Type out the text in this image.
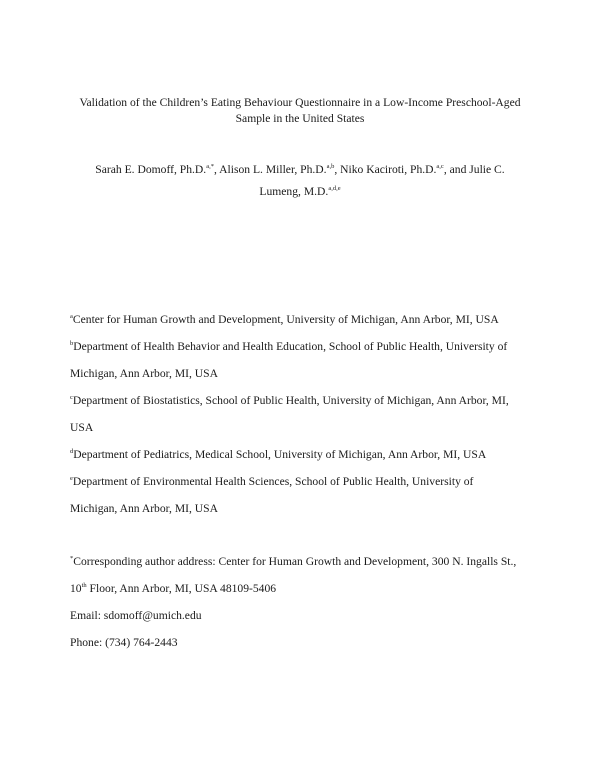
Validation of the Children’s Eating Behaviour Questionnaire in a Low-Income Preschool-Aged
Sample in the United States
Sarah E. Domoff, Ph.D.$^{a,*}$, Alison L. Miller, Ph.D.$^{a,b}$, Niko Kaciroti, Ph.D.$^{a,c}$, and Julie C.
Lumeng, M.D.$^{a,d,e}$
$^a$Center for Human Growth and Development, University of Michigan, Ann Arbor, MI, USA
$^b$Department of Health Behavior and Health Education, School of Public Health, University of
Michigan, Ann Arbor, MI, USA
$^c$Department of Biostatistics, School of Public Health, University of Michigan, Ann Arbor, MI,
USA
$^d$Department of Pediatrics, Medical School, University of Michigan, Ann Arbor, MI, USA
$^e$Department of Environmental Health Sciences, School of Public Health, University of
Michigan, Ann Arbor, MI, USA
*Corresponding author address: Center for Human Growth and Development, 300 N. Ingalls St.,
10th Floor, Ann Arbor, MI, USA 48109-5406
Email: sdomoff@umich.edu
Phone: (734) 764-2443
